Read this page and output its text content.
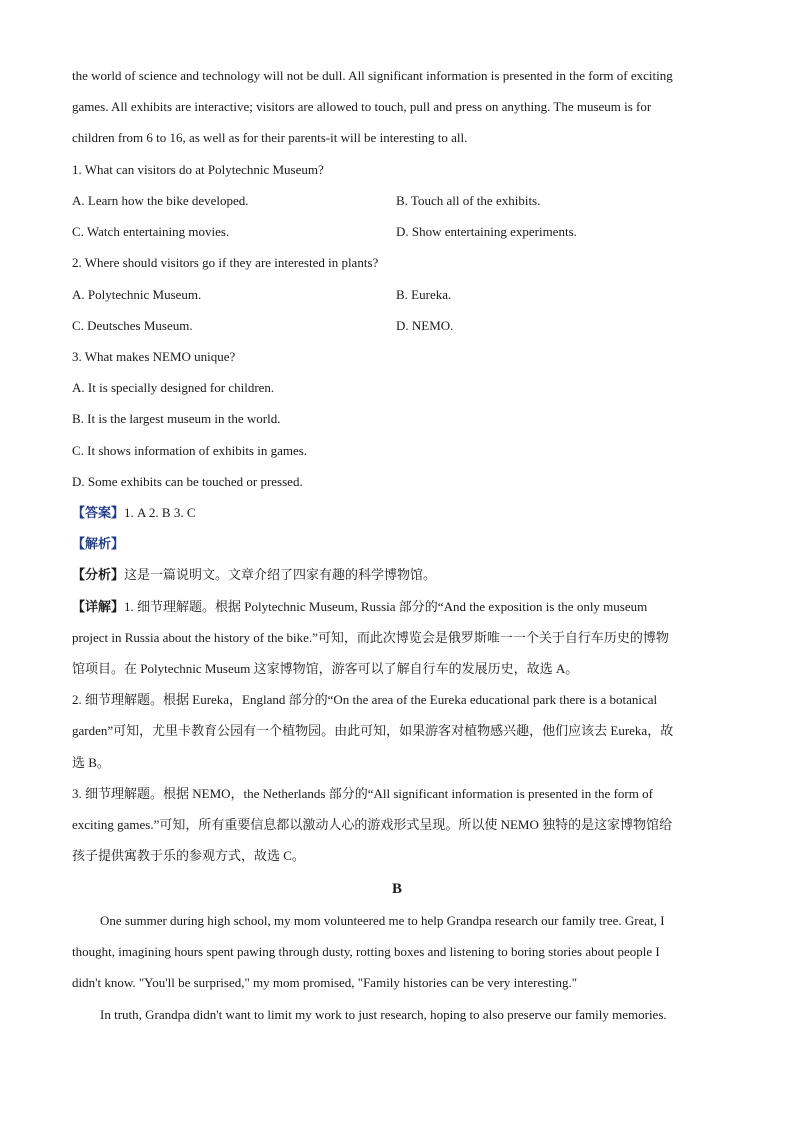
the world of science and technology will not be dull. All significant information is presented in the form of exciting
games. All exhibits are interactive; visitors are allowed to touch, pull and press on anything. The museum is for
children from 6 to 16, as well as for their parents-it will be interesting to all.
1. What can visitors do at Polytechnic Museum?
A. Learn how the bike developed.	B. Touch all of the exhibits.
C. Watch entertaining movies.	D. Show entertaining experiments.
2. Where should visitors go if they are interested in plants?
A. Polytechnic Museum.	B. Eureka.
C. Deutsches Museum.	D. NEMO.
3. What makes NEMO unique?
A. It is specially designed for children.
B. It is the largest museum in the world.
C. It shows information of exhibits in games.
D. Some exhibits can be touched or pressed.
【答案】1. A 2. B 3. C
【解析】
【分析】这是一篇说明文。文章介绍了四家有趣的科学博物馆。
【详解】1. 细节理解题。根据 Polytechnic Museum, Russia 部分的“And the exposition is the only museum
project in Russia about the history of the bike.”可知，而此次博览会是俄罗斯唯一一个关于自行车历史的博物
馆项目。在 Polytechnic Museum 这家博物馆，游客可以了解自行车的发展历史，故选 A。
2. 细节理解题。根据 Eureka，England 部分的“On the area of the Eureka educational park there is a botanical
garden”可知，尤里卡教育公园有一个植物园。由此可知，如果游客对植物感兴趣，他们应该去 Eureka，故
选 B。
3. 细节理解题。根据 NEMO，the Netherlands 部分的“All significant information is presented in the form of
exciting games.”可知，所有重要信息都以激动人心的游戏形式呈现。所以使 NEMO 独特的是这家博物馆给
孩子提供寓教于乐的参观方式，故选 C。
B
One summer during high school, my mom volunteered me to help Grandpa research our family tree. Great, I
thought, imagining hours spent pawing through dusty, rotting boxes and listening to boring stories about people I
didn't know. "You'll be surprised," my mom promised, "Family histories can be very interesting."
In truth, Grandpa didn't want to limit my work to just research, hoping to also preserve our family memories.
